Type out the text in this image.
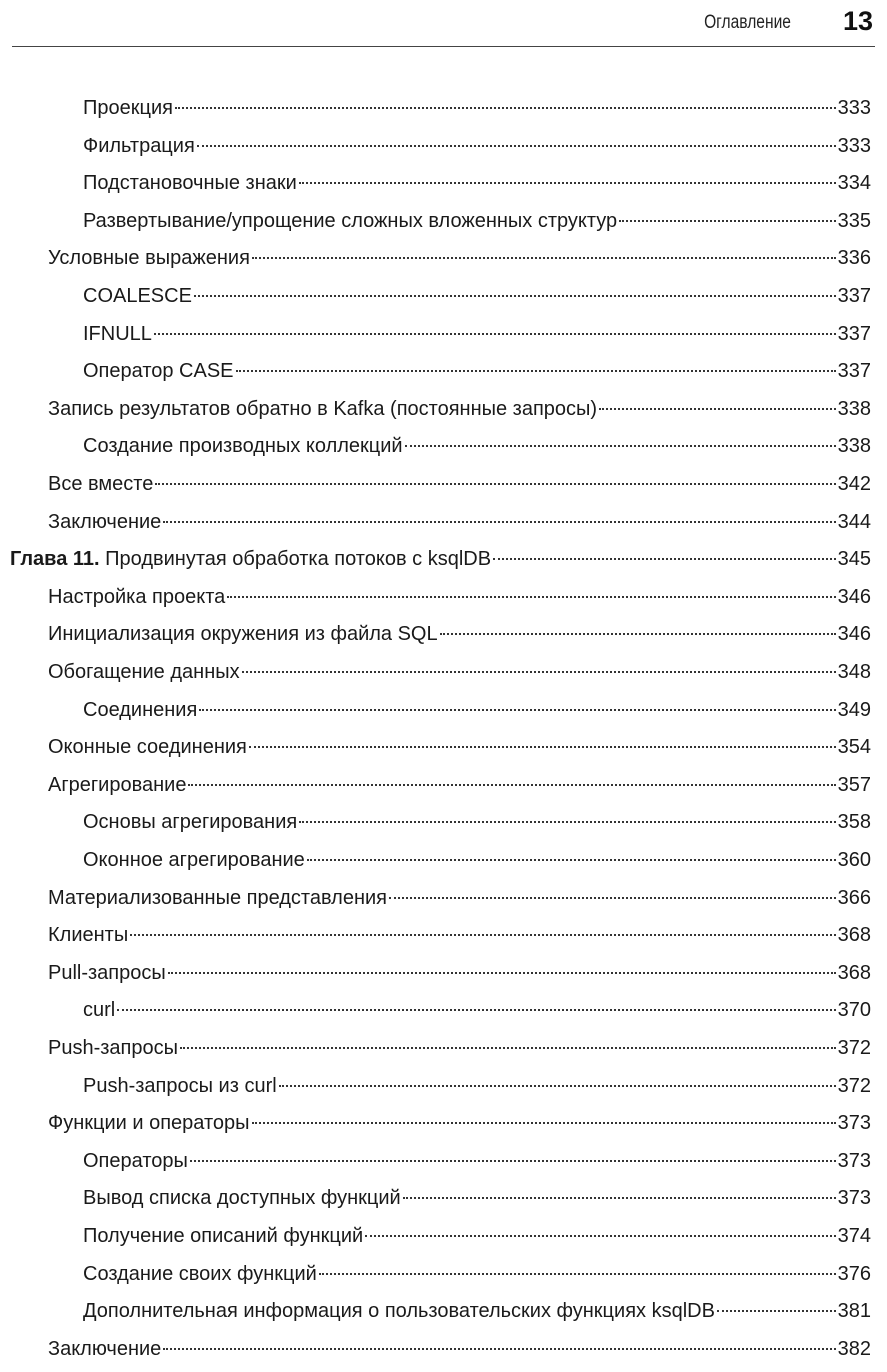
Оглавление 13
Проекция	333
Фильтрация	333
Подстановочные знаки	334
Развертывание/упрощение сложных вложенных структур	335
Условные выражения	336
COALESCE	337
IFNULL	337
Оператор CASE	337
Запись результатов обратно в Kafka (постоянные запросы)	338
Создание производных коллекций	338
Все вместе	342
Заключение	344
Глава 11. Продвинутая обработка потоков с ksqlDB	345
Настройка проекта	346
Инициализация окружения из файла SQL	346
Обогащение данных	348
Соединения	349
Оконные соединения	354
Агрегирование	357
Основы агрегирования	358
Оконное агрегирование	360
Материализованные представления	366
Клиенты	368
Pull-запросы	368
curl	370
Push-запросы	372
Push-запросы из curl	372
Функции и операторы	373
Операторы	373
Вывод списка доступных функций	373
Получение описаний функций	374
Создание своих функций	376
Дополнительная информация о пользовательских функциях ksqlDB	381
Заключение	382
